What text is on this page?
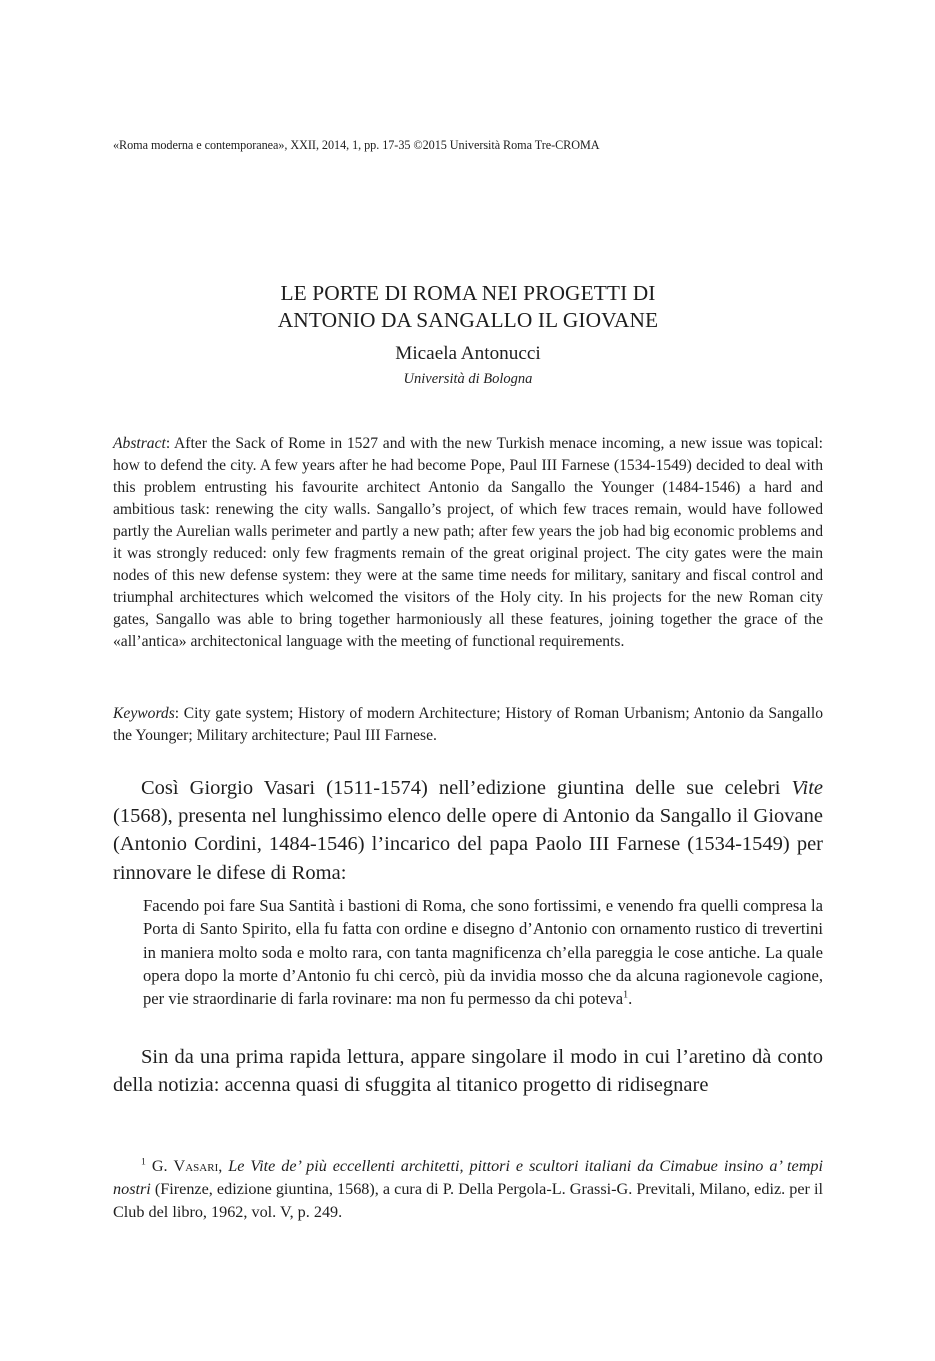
«Roma moderna e contemporanea», XXII, 2014, 1, pp. 17-35 ©2015 Università Roma Tre-CROMA
LE PORTE DI ROMA NEI PROGETTI DI
ANTONIO DA SANGALLO IL GIOVANE
Micaela Antonucci
Università di Bologna

Abstract: After the Sack of Rome in 1527 and with the new Turkish menace incoming, a new issue was topical: how to defend the city. A few years after he had become Pope, Paul III Farnese (1534-1549) decided to deal with this problem entrusting his favourite architect Antonio da Sangallo the Younger (1484-1546) a hard and ambitious task: renewing the city walls. Sangallo’s project, of which few traces remain, would have followed partly the Aurelian walls perimeter and partly a new path; after few years the job had big economic problems and it was strongly reduced: only few fragments remain of the great original project. The city gates were the main nodes of this new defense system: they were at the same time needs for military, sanitary and fiscal control and triumphal architectures which welcomed the visitors of the Holy city. In his projects for the new Roman city gates, Sangallo was able to bring together harmoniously all these features, joining together the grace of the «all’antica» architectonical language with the meeting of functional requirements.

Keywords: City gate system; History of modern Architecture; History of Roman Urbanism; Antonio da Sangallo the Younger; Military architecture; Paul III Farnese.

Così Giorgio Vasari (1511-1574) nell’edizione giuntina delle sue celebri Vite (1568), presenta nel lunghissimo elenco delle opere di Antonio da Sangallo il Giovane (Antonio Cordini, 1484-1546) l’incarico del papa Paolo III Farnese (1534-1549) per rinnovare le difese di Roma:

Facendo poi fare Sua Santità i bastioni di Roma, che sono fortissimi, e venendo fra quelli compresa la Porta di Santo Spirito, ella fu fatta con ordine e disegno d’Antonio con ornamento rustico di trevertini in maniera molto soda e molto rara, con tanta magnificenza ch’ella pareggia le cose antiche. La quale opera dopo la morte d’Antonio fu chi cercò, più da invidia mosso che da alcuna ragionevole cagione, per vie straordinarie di farla rovinare: ma non fu permesso da chi poteva$^1$.

Sin da una prima rapida lettura, appare singolare il modo in cui l’aretino dà conto della notizia: accenna quasi di sfuggita al titanico progetto di ridisegnare

$^1$ G. Vasari, Le Vite de’ più eccellenti architetti, pittori e scultori italiani da Cimabue insino a’ tempi nostri (Firenze, edizione giuntina, 1568), a cura di P. Della Pergola-L. Grassi-G. Previtali, Milano, ediz. per il Club del libro, 1962, vol. V, p. 249.
